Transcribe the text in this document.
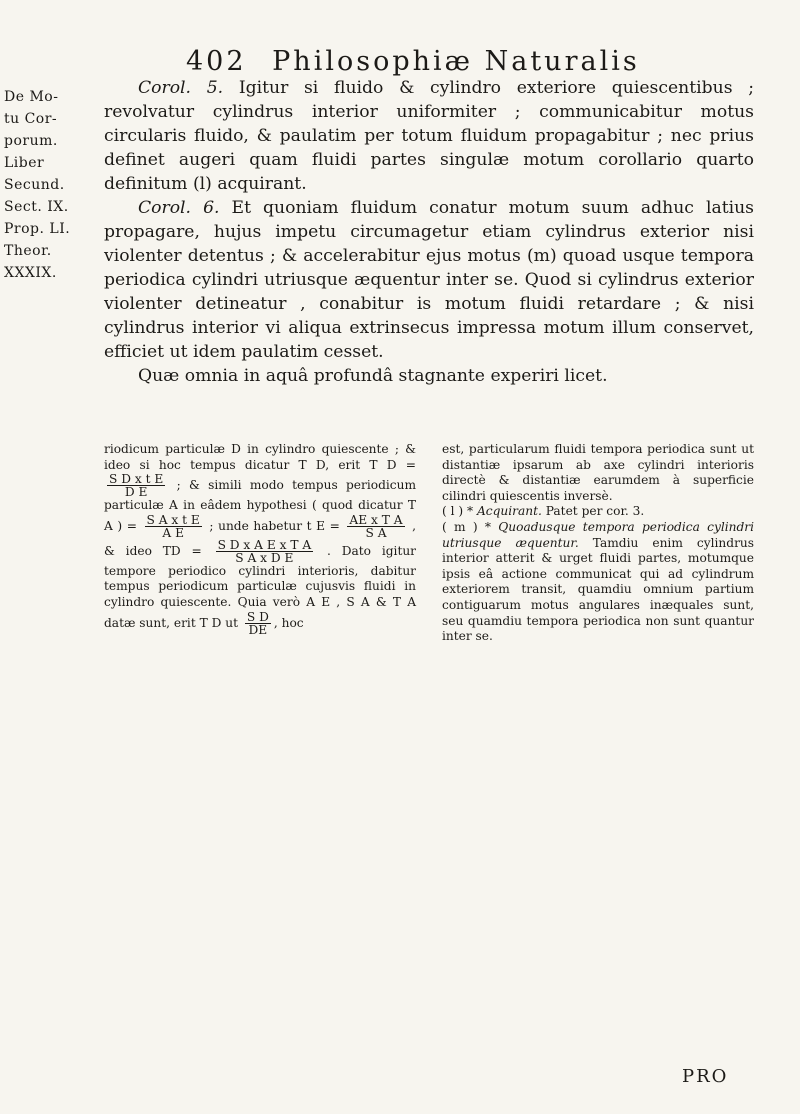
402 Philosophiæ Naturalis
De Mo-
tu Cor-
porum.
Liber
Secund.
Sect. IX.
Prop. LI.
Theor.
XXXIX.

Corol. 5. Igitur si fluido & cylindro exteriore quiescentibus ; revolvatur cylindrus interior uniformiter ; communicabitur motus circularis fluido, & paulatim per totum fluidum propagabitur ; nec prius definet augeri quam fluidi partes singulæ motum corollario quarto definitum (l) acquirant.

Corol. 6. Et quoniam fluidum conatur motum suum adhuc latius propagare, hujus impetu circumagetur etiam cylindrus exterior nisi violenter detentus ; & accelerabitur ejus motus (m) quoad usque tempora periodica cylindri utriusque æquentur inter se. Quod si cylindrus exterior violenter detineatur , conabitur is motum fluidi retardare ; & nisi cylindrus interior vi aliqua extrinsecus impressa motum illum conservet, efficiet ut idem paulatim cesset.

Quæ omnia in aquâ profundâ stagnante experiri licet.

riodicum particulæ D in cylindro quiescente ; & ideo si hoc tempus dicatur T D, erit T D =
$\frac{\text{S D x t E}}{\text{D E}}$ ; & simili modo tempus periodicum particulæ A in eâdem hypothesi ( quod dicatur T A ) = $\frac{\text{S A x t E}}{\text{A E}}$ ; unde habetur t $E = \frac{\text{AE x T A}}{\text{S A}}$ , & ideo TD = $\frac{\text{S D x A E x T A}}{\text{S A x D E}}$ . Dato igitur tempore periodico cylindri interioris, dabitur tempus periodicum particulæ cujusvis fluidi in cylindro quiescente. Quia verò A E , S A & T A datæ sunt, erit T D ut $\frac{\text{S D}}{DE}$ , hoc

est, particularum fluidi tempora periodica sunt ut distantiæ ipsarum ab axe cylindri interioris directè & distantiæ earumdem à superficie cilindri quiescentis inversè.

( l ) * Acquirant. Patet per cor. 3.

( m ) * Quoadusque tempora periodica cylindri utriusque æquentur. Tamdiu enim cylindrus interior atterit & urget fluidi partes, motumque ipsis eâ actione communicat qui ad cylindrum exteriorem transit, quamdiu omnium partium contiguarum motus angulares inæquales sunt, seu quamdiu tempora periodica non sunt quantur inter se.

PRO
